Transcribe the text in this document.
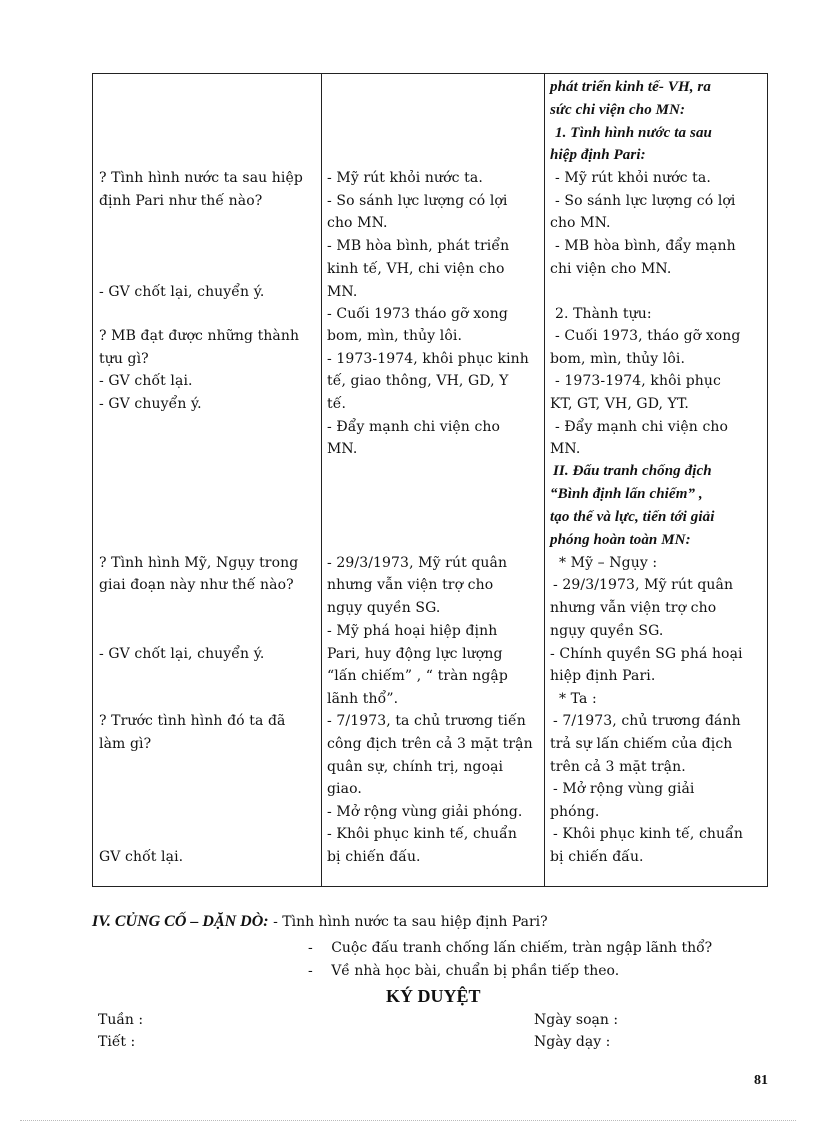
? Tình hình nước ta sau hiệp
định Pari như thế nào?
- GV chốt lại, chuyển ý.
? MB đạt được những thành
tựu gì?
- GV chốt lại.
- GV chuyển ý.
? Tình hình Mỹ, Ngụy trong
giai đoạn này như thế nào?
- GV chốt lại, chuyển ý.
? Trước tình hình đó ta đã
làm gì?
GV chốt lại.
- Mỹ rút khỏi nước ta.
- So sánh lực lượng có lợi
cho MN.
- MB hòa bình, phát triển
kinh tế, VH, chi viện cho
MN.
- Cuối 1973 tháo gỡ xong
bom, mìn, thủy lôi.
- 1973-1974, khôi phục kinh
tế, giao thông, VH, GD, Y
tế.
- Đẩy mạnh chi viện cho
MN.
- 29/3/1973, Mỹ rút quân
nhưng vẫn viện trợ cho
ngụy quyền SG.
- Mỹ phá hoại hiệp định
Pari, huy động lực lượng
“lấn chiếm” , “ tràn ngập
lãnh thổ”.
- 7/1973, ta chủ trương tiến
công địch trên cả 3 mặt trận
quân sự, chính trị, ngoại
giao.
- Mở rộng vùng giải phóng.
- Khôi phục kinh tế, chuẩn
bị chiến đấu.
phát triển kinh tế- VH, ra
sức chi viện cho MN:
1. Tình hình nước ta sau
hiệp định Pari:
- Mỹ rút khỏi nước ta.
- So sánh lực lượng có lợi
cho MN.
- MB hòa bình, đẩy mạnh
chi viện cho MN.
2. Thành tựu:
- Cuối 1973, tháo gỡ xong
bom, mìn, thủy lôi.
- 1973-1974, khôi phục
KT, GT, VH, GD, YT.
- Đẩy mạnh chi viện cho
MN.
II. Đấu tranh chống địch
“Bình định lấn chiếm” ,
tạo thế và lực, tiến tới giải
phóng hoàn toàn MN:
* Mỹ – Ngụy :
- 29/3/1973, Mỹ rút quân
nhưng vẫn viện trợ cho
ngụy quyền SG.
- Chính quyền SG phá hoại
hiệp định Pari.
* Ta :
- 7/1973, chủ trương đánh
trả sự lấn chiếm của địch
trên cả 3 mặt trận.
- Mở rộng vùng giải
phóng.
- Khôi phục kinh tế, chuẩn
bị chiến đấu.
IV. CỦNG CỐ – DẶN DÒ: - Tình hình nước ta sau hiệp định Pari?
- Cuộc đấu tranh chống lấn chiếm, tràn ngập lãnh thổ?
- Về nhà học bài, chuẩn bị phần tiếp theo.
KÝ DUYỆT
Tuần :
Tiết :
Ngày soạn :
Ngày dạy :
81
